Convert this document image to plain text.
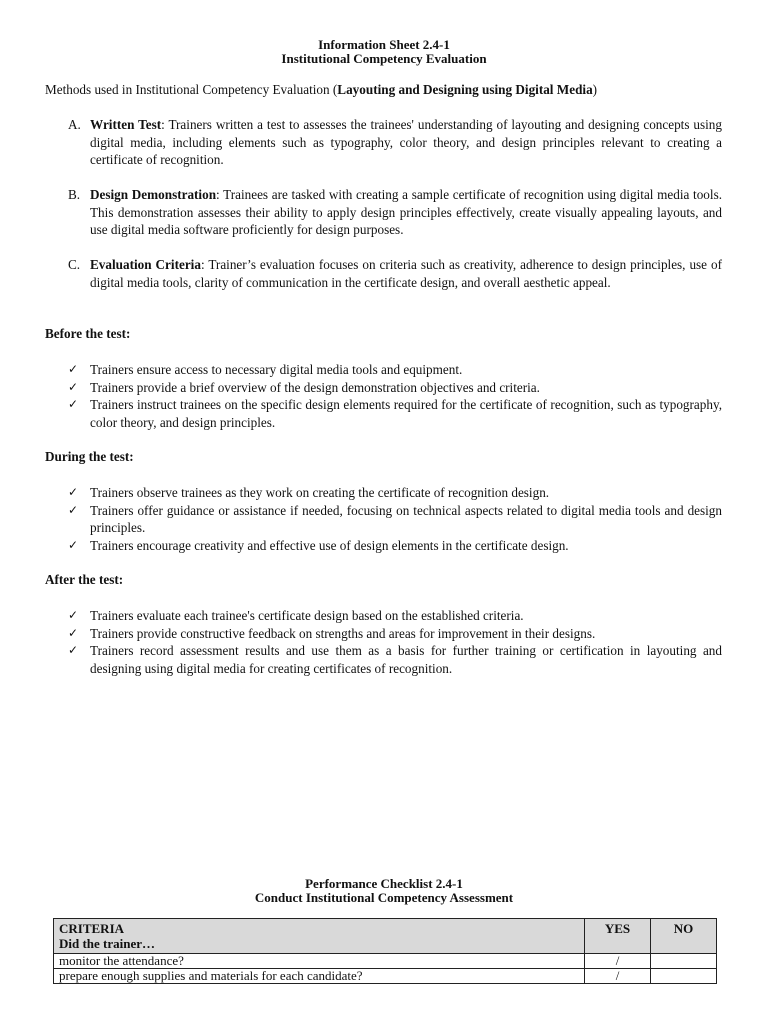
Information Sheet 2.4-1
Institutional Competency Evaluation
Methods used in Institutional Competency Evaluation (Layouting and Designing using Digital Media)
A. Written Test: Trainers written a test to assesses the trainees' understanding of layouting and designing concepts using digital media, including elements such as typography, color theory, and design principles relevant to creating a certificate of recognition.
B. Design Demonstration: Trainees are tasked with creating a sample certificate of recognition using digital media tools. This demonstration assesses their ability to apply design principles effectively, create visually appealing layouts, and use digital media software proficiently for design purposes.
C. Evaluation Criteria: Trainer’s evaluation focuses on criteria such as creativity, adherence to design principles, use of digital media tools, clarity of communication in the certificate design, and overall aesthetic appeal.
Before the test:
✓ Trainers ensure access to necessary digital media tools and equipment.
✓ Trainers provide a brief overview of the design demonstration objectives and criteria.
✓ Trainers instruct trainees on the specific design elements required for the certificate of recognition, such as typography, color theory, and design principles.
During the test:
✓ Trainers observe trainees as they work on creating the certificate of recognition design.
✓ Trainers offer guidance or assistance if needed, focusing on technical aspects related to digital media tools and design principles.
✓ Trainers encourage creativity and effective use of design elements in the certificate design.
After the test:
✓ Trainers evaluate each trainee's certificate design based on the established criteria.
✓ Trainers provide constructive feedback on strengths and areas for improvement in their designs.
✓ Trainers record assessment results and use them as a basis for further training or certification in layouting and designing using digital media for creating certificates of recognition.
Performance Checklist 2.4-1
Conduct Institutional Competency Assessment
CRITERIA
Did the trainer…	YES	NO
monitor the attendance?	/	
prepare enough supplies and materials for each candidate?	/	
